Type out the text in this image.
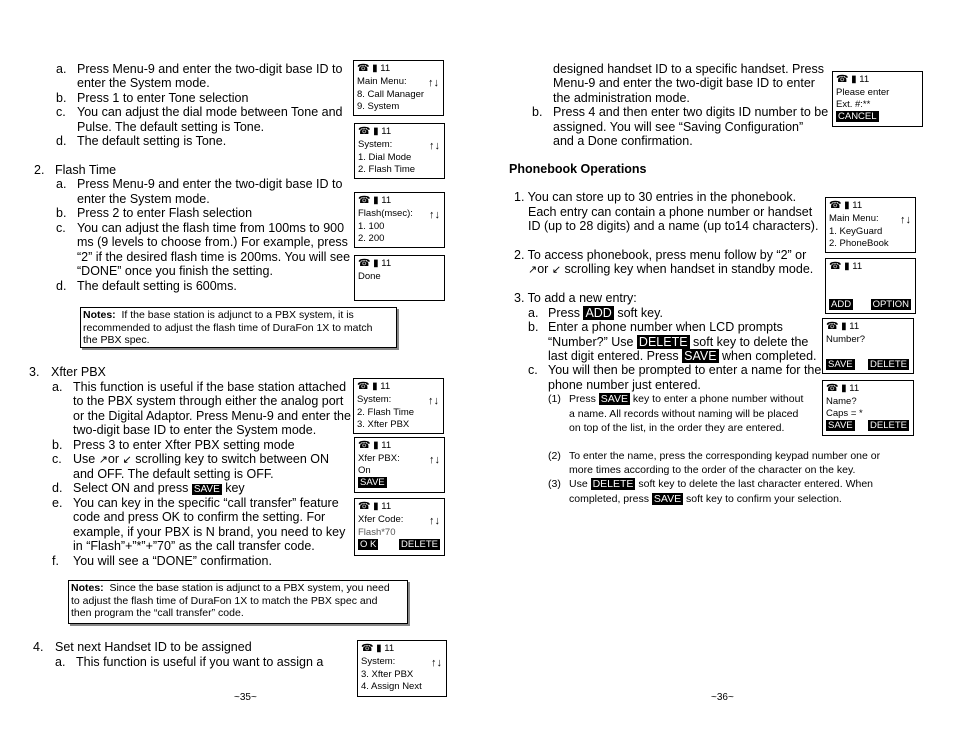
a. Press Menu-9 and enter the two-digit base ID to
enter the System mode.
b. Press 1 to enter Tone selection
c. You can adjust the dial mode between Tone and
Pulse. The default setting is Tone.
d. The default setting is Tone.
2. Flash Time
a. Press Menu-9 and enter the two-digit base ID to
enter the System mode.
b. Press 2 to enter Flash selection
c. You can adjust the flash time from 100ms to 900
ms (9 levels to choose from.) For example, press
“2” if the desired flash time is 200ms. You will see
“DONE” once you finish the setting.
d. The default setting is 600ms.
Notes: If the base station is adjunct to a PBX system, it is
recommended to adjust the flash time of DuraFon 1X to match
the PBX spec.
3. Xfter PBX
a. This function is useful if the base station attached
to the PBX system through either the analog port
or the Digital Adaptor. Press Menu-9 and enter the
two-digit base ID to enter the System mode.
b. Press 3 to enter Xfter PBX setting mode
c. Use ↗or ↙ scrolling key to switch between ON
and OFF. The default setting is OFF.
d. Select ON and press SAVE key
e. You can key in the specific “call transfer” feature
code and press OK to confirm the setting. For
example, if your PBX is N brand, you need to key
in “Flash”+”*”+”70” as the call transfer code.
f. You will see a “DONE” confirmation.
Notes: Since the base station is adjunct to a PBX system, you need
to adjust the flash time of DuraFon 1X to match the PBX spec and
then program the “call transfer” code.
4. Set next Handset ID to be assigned
a. This function is useful if you want to assign a
~35~
☎ ▮ 11
Main Menu: ↑↓
8. Call Manager
9. System
☎ ▮ 11
System:	↑↓
1. Dial Mode
2. Flash Time
☎ ▮ 11
Flash(msec): ↑↓
1. 100
2. 200
☎ ▮ 11
Done
☎ ▮ 11
System:	↑↓
2. Flash Time
3. Xfter PBX
☎ ▮ 11
Xfer PBX:	↑↓
On
SAVE
☎ ▮ 11
Xfer Code: ↑↓
Flash*70
O K	DELETE
☎ ▮ 11
System:	↑↓
3. Xfter PBX
4. Assign Next
designed handset ID to a specific handset. Press
Menu-9 and enter the two-digit base ID to enter
the administration mode.
b. Press 4 and then enter two digits ID number to be
assigned. You will see “Saving Configuration”
and a Done confirmation.
Phonebook Operations
1. You can store up to 30 entries in the phonebook.
Each entry can contain a phone number or handset
ID (up to 28 digits) and a name (up to14 characters).
2. To access phonebook, press menu follow by “2” or
↗or ↙ scrolling key when handset in standby mode.
3. To add a new entry:
a. Press ADD soft key.
b. Enter a phone number when LCD prompts
“Number?” Use DELETE soft key to delete the
last digit entered. Press SAVE when completed.
c. You will then be prompted to enter a name for the
phone number just entered.
(1) Press SAVE key to enter a phone number without
a name. All records without naming will be placed
on top of the list, in the order they are entered.
(2) To enter the name, press the corresponding keypad number one or
more times according to the order of the character on the key.
(3) Use DELETE soft key to delete the last character entered. When
completed, press SAVE soft key to confirm your selection.
~36~
☎ ▮ 11
Please enter
Ext. #:**
CANCEL
☎ ▮ 11
Main Menu: ↑↓
1. KeyGuard
2. PhoneBook
☎ ▮ 11
ADD OPTION
☎ ▮ 11
Number?
SAVE DELETE
☎ ▮ 11
Name?
Caps = *
SAVE DELETE
